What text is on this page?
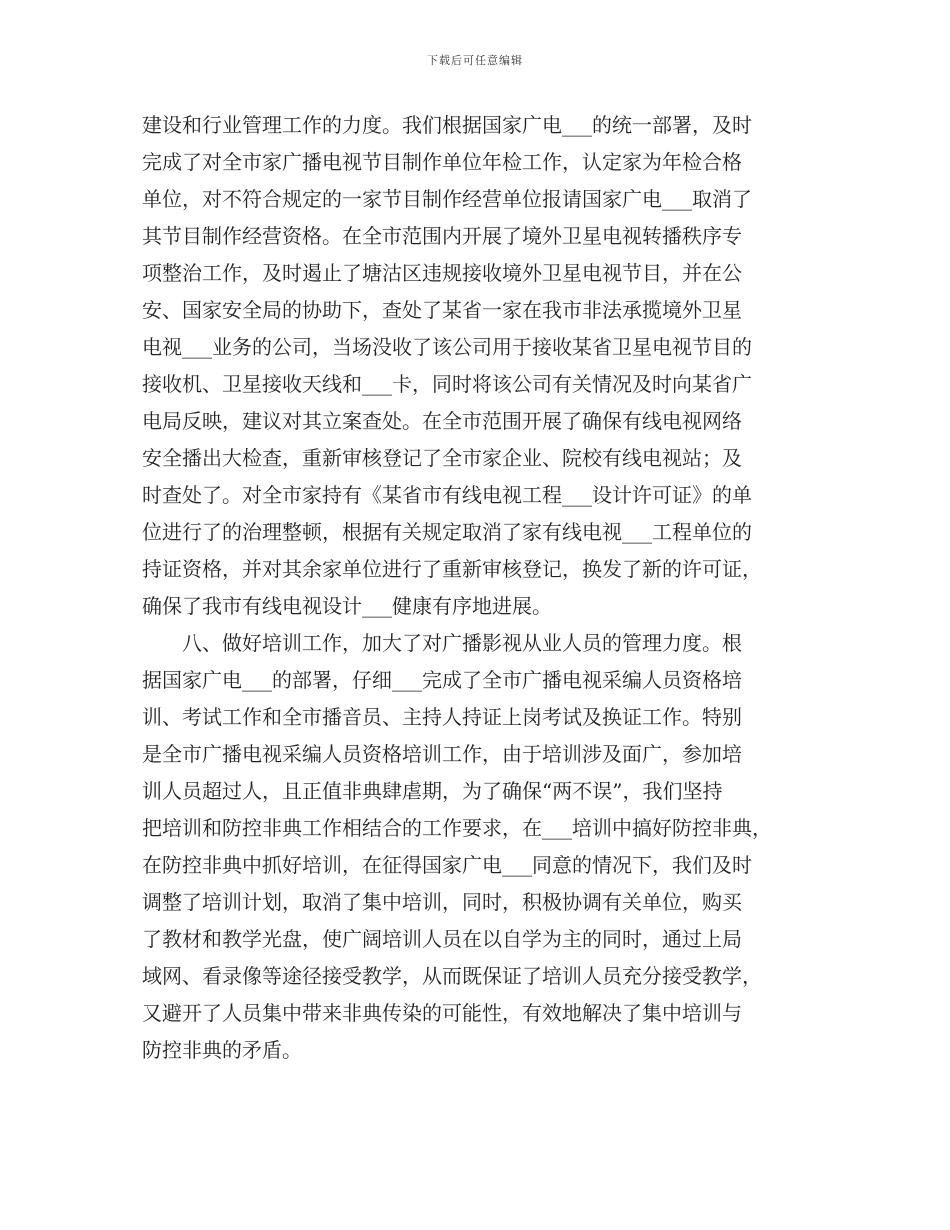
下载后可任意编辑
建设和行业管理工作的力度。我们根据国家广电___的统一部署，及时
完成了对全市家广播电视节目制作单位年检工作，认定家为年检合格
单位，对不符合规定的一家节目制作经营单位报请国家广电___取消了
其节目制作经营资格。在全市范围内开展了境外卫星电视转播秩序专
项整治工作，及时遏止了塘沽区违规接收境外卫星电视节目，并在公
安、国家安全局的协助下，查处了某省一家在我市非法承揽境外卫星
电视___业务的公司，当场没收了该公司用于接收某省卫星电视节目的
接收机、卫星接收天线和___卡，同时将该公司有关情况及时向某省广
电局反映，建议对其立案查处。在全市范围开展了确保有线电视网络
安全播出大检查，重新审核登记了全市家企业、院校有线电视站；及
时查处了。对全市家持有《某省市有线电视工程___设计许可证》的单
位进行了的治理整顿，根据有关规定取消了家有线电视___工程单位的
持证资格，并对其余家单位进行了重新审核登记，换发了新的许可证，
确保了我市有线电视设计___健康有序地进展。
八、做好培训工作，加大了对广播影视从业人员的管理力度。根
据国家广电___的部署，仔细___完成了全市广播电视采编人员资格培
训、考试工作和全市播音员、主持人持证上岗考试及换证工作。特别
是全市广播电视采编人员资格培训工作，由于培训涉及面广，参加培
训人员超过人，且正值非典肆虐期，为了确保“两不误”，我们坚持
把培训和防控非典工作相结合的工作要求，在___培训中搞好防控非典，
在防控非典中抓好培训，在征得国家广电___同意的情况下，我们及时
调整了培训计划，取消了集中培训，同时，积极协调有关单位，购买
了教材和教学光盘，使广阔培训人员在以自学为主的同时，通过上局
域网、看录像等途径接受教学，从而既保证了培训人员充分接受教学，
又避开了人员集中带来非典传染的可能性，有效地解决了集中培训与
防控非典的矛盾。
